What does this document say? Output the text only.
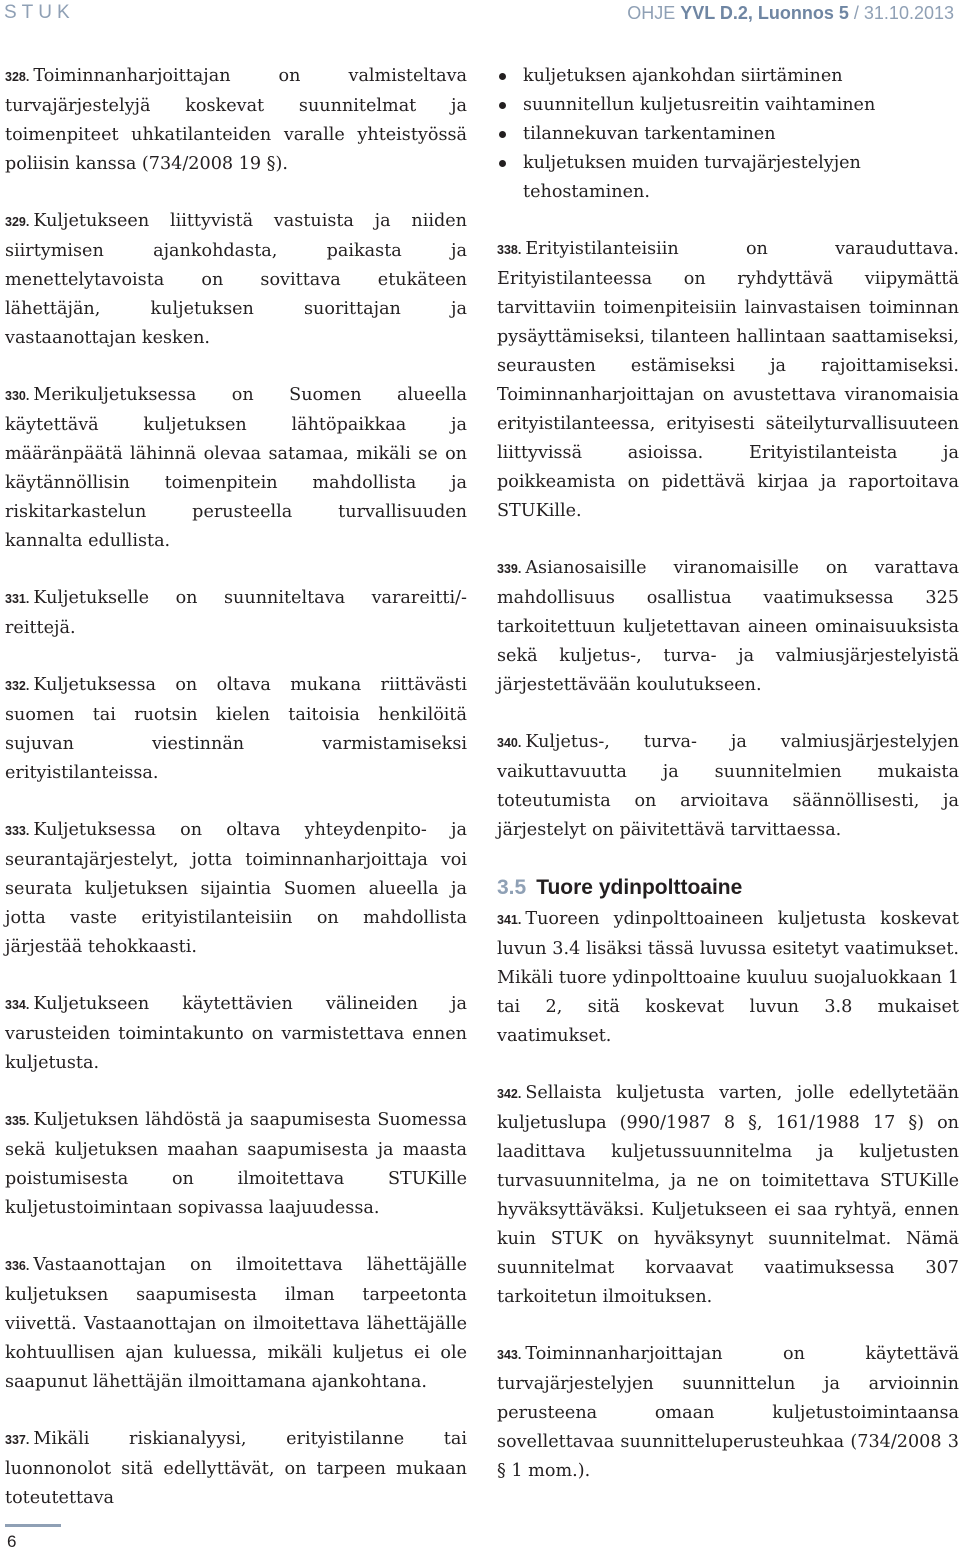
STUK	OHJE YVL D.2, Luonnos 5 / 31.10.2013

328. Toiminnanharjoittajan on valmisteltava turvajärjestelyjä koskevat suunnitelmat ja toimenpiteet uhkatilanteiden varalle yhteistyössä poliisin kanssa (734/2008 19 §).

329. Kuljetukseen liittyvistä vastuista ja niiden siirtymisen ajankohdasta, paikasta ja menettelytavoista on sovittava etukäteen lähettäjän, kuljetuksen suorittajan ja vastaanottajan kesken.

330. Merikuljetuksessa on Suomen alueella käytettävä kuljetuksen lähtöpaikkaa ja määränpäätä lähinnä olevaa satamaa, mikäli se on käytännöllisin toimenpitein mahdollista ja riskitarkastelun perusteella turvallisuuden kannalta edullista.

331. Kuljetukselle on suunniteltava varareitti/-reittejä.

332. Kuljetuksessa on oltava mukana riittävästi suomen tai ruotsin kielen taitoisia henkilöitä sujuvan viestinnän varmistamiseksi erityistilanteissa.

333. Kuljetuksessa on oltava yhteydenpito- ja seurantajärjestelyt, jotta toiminnanharjoittaja voi seurata kuljetuksen sijaintia Suomen alueella ja jotta vaste erityistilanteisiin on mahdollista järjestää tehokkaasti.

334. Kuljetukseen käytettävien välineiden ja varusteiden toimintakunto on varmistettava ennen kuljetusta.

335. Kuljetuksen lähdöstä ja saapumisesta Suomessa sekä kuljetuksen maahan saapumisesta ja maasta poistumisesta on ilmoitettava STUKille kuljetustoimintaan sopivassa laajuudessa.

336. Vastaanottajan on ilmoitettava lähettäjälle kuljetuksen saapumisesta ilman tarpeetonta viivettä. Vastaanottajan on ilmoitettava lähettäjälle kohtuullisen ajan kuluessa, mikäli kuljetus ei ole saapunut lähettäjän ilmoittamana ajankohtana.

337. Mikäli riskianalyysi, erityistilanne tai luonnonolot sitä edellyttävät, on tarpeen mukaan toteutettava

kuljetuksen ajankohdan siirtäminen
suunnitellun kuljetusreitin vaihtaminen
tilannekuvan tarkentaminen
kuljetuksen muiden turvajärjestelyjen tehostaminen.

338. Erityistilanteisiin on varauduttava. Erityistilanteessa on ryhdyttävä viipymättä tarvittaviin toimenpiteisiin lainvastaisen toiminnan pysäyttämiseksi, tilanteen hallintaan saattamiseksi, seurausten estämiseksi ja rajoittamiseksi. Toiminnanharjoittajan on avustettava viranomaisia erityistilanteessa, erityisesti säteilyturvallisuuteen liittyvissä asioissa. Erityistilanteista ja poikkeamista on pidettävä kirjaa ja raportoitava STUKille.

339. Asianosaisille viranomaisille on varattava mahdollisuus osallistua vaatimuksessa 325 tarkoitettuun kuljetettavan aineen ominaisuuksista sekä kuljetus-, turva- ja valmiusjärjestelyistä järjestettävään koulutukseen.

340. Kuljetus-, turva- ja valmiusjärjestelyjen vaikuttavuutta ja suunnitelmien mukaista toteutumista on arvioitava säännöllisesti, ja järjestelyt on päivitettävä tarvittaessa.

3.5 Tuore ydinpolttoaine

341. Tuoreen ydinpolttoaineen kuljetusta koskevat luvun 3.4 lisäksi tässä luvussa esitetyt vaatimukset. Mikäli tuore ydinpolttoaine kuuluu suojaluokkaan 1 tai 2, sitä koskevat luvun 3.8 mukaiset vaatimukset.

342. Sellaista kuljetusta varten, jolle edellytetään kuljetuslupa (990/1987 8 §, 161/1988 17 §) on laadittava kuljetussuunnitelma ja kuljetusten turvasuunnitelma, ja ne on toimitettava STUKille hyväksyttäväksi. Kuljetukseen ei saa ryhtyä, ennen kuin STUK on hyväksynyt suunnitelmat. Nämä suunnitelmat korvaavat vaatimuksessa 307 tarkoitetun ilmoituksen.

343. Toiminnanharjoittajan on käytettävä turvajärjestelyjen suunnittelun ja arvioinnin perusteena omaan kuljetustoimintaansa sovellettavaa suunnitteluperusteuhkaa (734/2008 3 § 1 mom.).

6
